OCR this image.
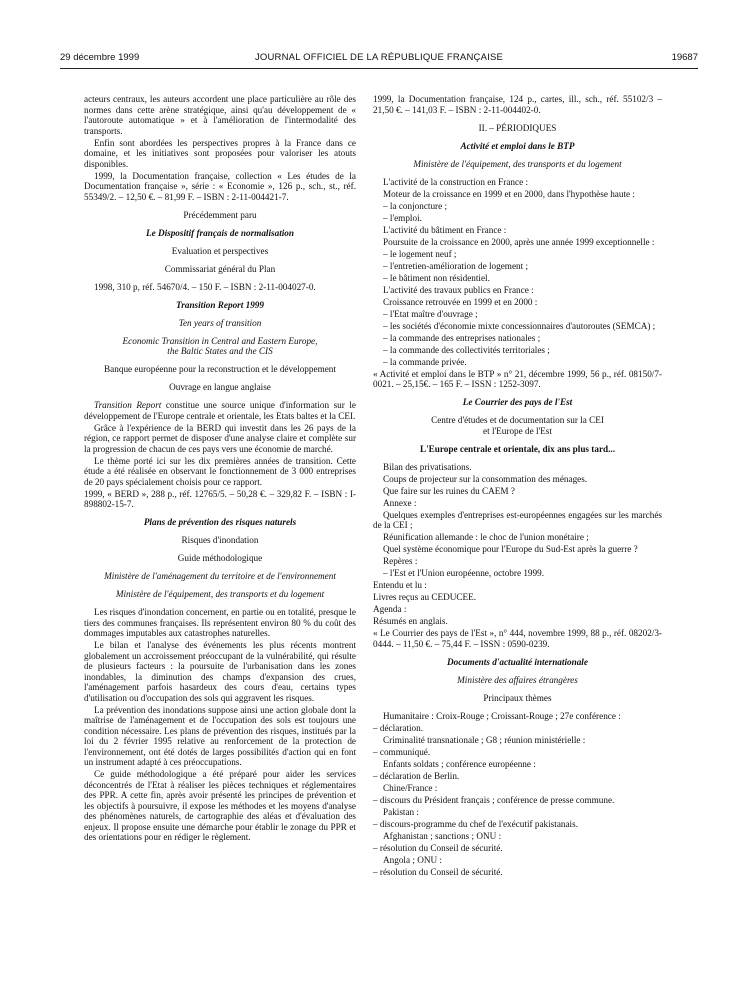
29 décembre 1999	JOURNAL OFFICIEL DE LA RÉPUBLIQUE FRANÇAISE	19687

acteurs centraux, les auteurs accordent une place particulière au rôle des normes dans cette arène stratégique, ainsi qu'au développement de « l'autoroute automatique » et à l'amélioration de l'intermodalité des transports.

Enfin sont abordées les perspectives propres à la France dans ce domaine, et les initiatives sont proposées pour valoriser les atouts disponibles.

1999, la Documentation française, collection « Les études de la Documentation française », série : « Economie », 126 p., sch., st., réf. 55349/2. – 12,50 €. – 81,99 F. – ISBN : 2-11-004421-7.

Précédemment paru

Le Dispositif français de normalisation

Evaluation et perspectives

Commissariat général du Plan

1998, 310 p, réf. 54670/4. – 150 F. – ISBN : 2-11-004027-0.

Transition Report 1999

Ten years of transition

Economic Transition in Central and Eastern Europe,
the Baltic States and the CIS

Banque européenne pour la reconstruction et le développement

Ouvrage en langue anglaise

Transition Report constitue une source unique d'information sur le développement de l'Europe centrale et orientale, les Etats baltes et la CEI.

Grâce à l'expérience de la BERD qui investit dans les 26 pays de la région, ce rapport permet de disposer d'une analyse claire et complète sur la progression de chacun de ces pays vers une économie de marché.

Le thème porté ici sur les dix premières années de transition. Cette étude a été réalisée en observant le fonctionnement de 3 000 entreprises de 20 pays spécialement choisis pour ce rapport.

1999, « BERD », 288 p., réf. 12765/5. – 50,28 €. – 329,82 F. – ISBN : I-898802-15-7.

Plans de prévention des risques naturels

Risques d'inondation

Guide méthodologique

Ministère de l'aménagement du territoire et de l'environnement

Ministère de l'équipement, des transports et du logement

Les risques d'inondation concernent, en partie ou en totalité, presque le tiers des communes françaises. Ils représentent environ 80 % du coût des dommages imputables aux catastrophes naturelles.

Le bilan et l'analyse des événements les plus récents montrent globalement un accroissement préoccupant de la vulnérabilité, qui résulte de plusieurs facteurs : la poursuite de l'urbanisation dans les zones inondables, la diminution des champs d'expansion des crues, l'aménagement parfois hasardeux des cours d'eau, certains types d'utilisation ou d'occupation des sols qui aggravent les risques.

La prévention des inondations suppose ainsi une action globale dont la maîtrise de l'aménagement et de l'occupation des sols est toujours une condition nécessaire. Les plans de prévention des risques, institués par la loi du 2 février 1995 relative au renforcement de la protection de l'environnement, ont été dotés de larges possibilités d'action qui en font un instrument adapté à ces préoccupations.

Ce guide méthodologique a été préparé pour aider les services déconcentrés de l'Etat à réaliser les pièces techniques et réglementaires des PPR. A cette fin, après avoir présenté les principes de prévention et les objectifs à poursuivre, il expose les méthodes et les moyens d'analyse des phénomènes naturels, de cartographie des aléas et d'évaluation des enjeux. Il propose ensuite une démarche pour établir le zonage du PPR et des orientations pour en rédiger le règlement.

1999, la Documentation française, 124 p., cartes, ill., sch., réf. 55102/3 – 21,50 €. – 141,03 F. – ISBN : 2-11-004402-0.

II. – PÉRIODIQUES

Activité et emploi dans le BTP

Ministère de l'équipement, des transports et du logement

L'activité de la construction en France :

Moteur de la croissance en 1999 et en 2000, dans l'hypothèse haute :

– la conjoncture ;

– l'emploi.

L'activité du bâtiment en France :

Poursuite de la croissance en 2000, après une année 1999 exceptionnelle :

– le logement neuf ;

– l'entretien-amélioration de logement ;

– le bâtiment non résidentiel.

L'activité des travaux publics en France :

Croissance retrouvée en 1999 et en 2000 :

– l'Etat maître d'ouvrage ;

– les sociétés d'économie mixte concessionnaires d'autoroutes (SEMCA) ;

– la commande des entreprises nationales ;

– la commande des collectivités territoriales ;

– la commande privée.

« Activité et emploi dans le BTP » n° 21, décembre 1999, 56 p., réf. 08150/7-0021. – 25,15€. – 165 F. – ISSN : 1252-3097.

Le Courrier des pays de l'Est

Centre d'études et de documentation sur la CEI
et l'Europe de l'Est

L'Europe centrale et orientale, dix ans plus tard...

Bilan des privatisations.

Coups de projecteur sur la consommation des ménages.

Que faire sur les ruines du CAEM ?

Annexe :

Quelques exemples d'entreprises est-européennes engagées sur les marchés de la CEI ;

Réunification allemande : le choc de l'union monétaire ;

Quel système économique pour l'Europe du Sud-Est après la guerre ?

Repères :

– l'Est et l'Union européenne, octobre 1999.

Entendu et lu :

Livres reçus au CEDUCEE.

Agenda :

Résumés en anglais.

« Le Courrier des pays de l'Est », n° 444, novembre 1999, 88 p., réf. 08202/3-0444. – 11,50 €. – 75,44 F. – ISSN : 0590-0239.

Documents d'actualité internationale

Ministère des affaires étrangères

Principaux thèmes

Humanitaire : Croix-Rouge ; Croissant-Rouge ; 27e conférence :

– déclaration.

Criminalité transnationale ; G8 ; réunion ministérielle :

– communiqué.

Enfants soldats ; conférence européenne :

– déclaration de Berlin.

Chine/France :

– discours du Président français ; conférence de presse commune.

Pakistan :

– discours-programme du chef de l'exécutif pakistanais.

Afghanistan ; sanctions ; ONU :

– résolution du Conseil de sécurité.

Angola ; ONU :

– résolution du Conseil de sécurité.
